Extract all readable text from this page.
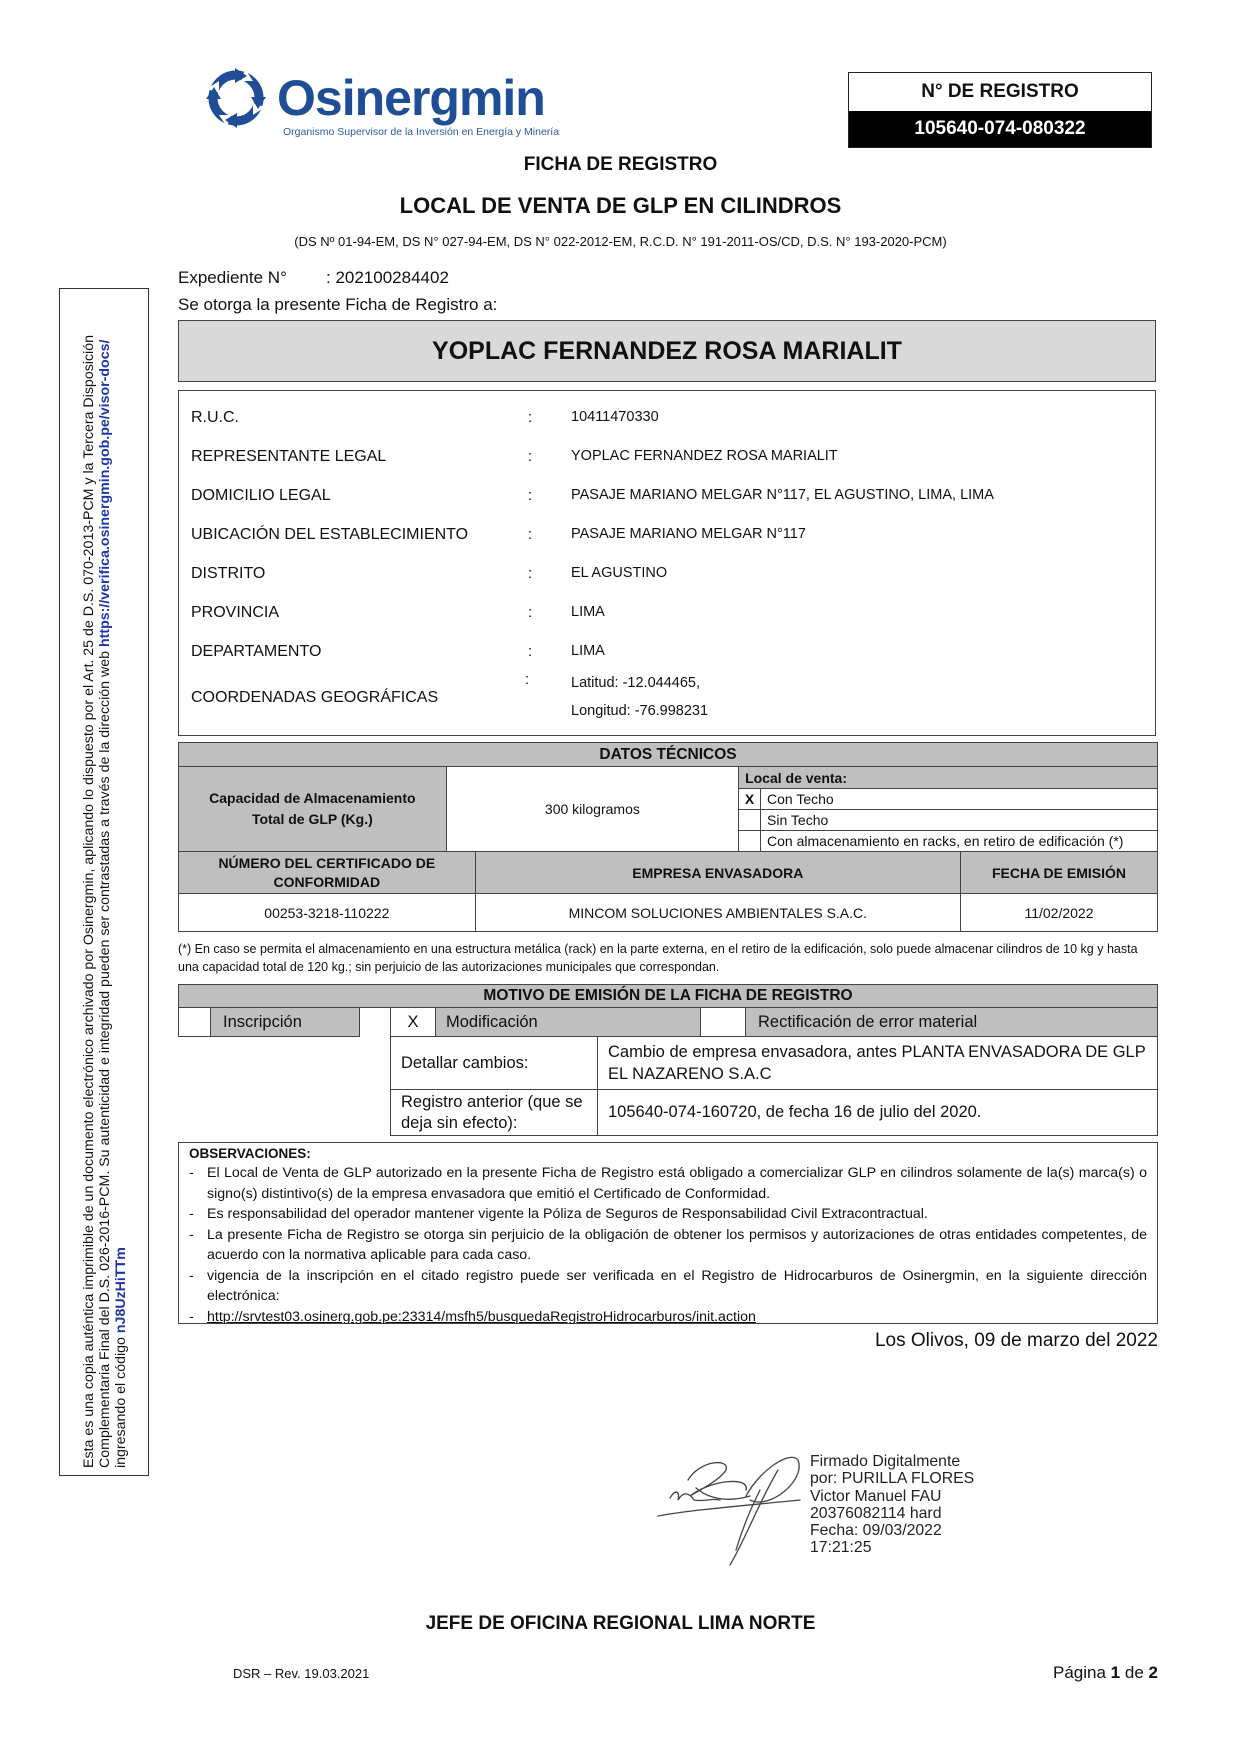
Osinergmin
Organismo Supervisor de la Inversión en Energía y Minería
N° DE REGISTRO
105640-074-080322
FICHA DE REGISTRO
LOCAL DE VENTA DE GLP EN CILINDROS
(DS Nº 01-94-EM, DS N° 027-94-EM, DS N° 022-2012-EM, R.C.D. N° 191-2011-OS/CD, D.S. N° 193-2020-PCM)
Expediente N° : 202100284402
Se otorga la presente Ficha de Registro a:
Esta es una copia auténtica imprimible de un documento electrónico archivado por Osinergmin, aplicando lo dispuesto por el Art. 25 de D.S. 070-2013-PCM y la Tercera Disposición Complementaria Final del D.S. 026-2016-PCM. Su autenticidad e integridad pueden ser contrastadas a través de la dirección web https://verifica.osinergmin.gob.pe/visor-docs/
ingresando el código nJ8UzHiTTm
YOPLAC FERNANDEZ ROSA MARIALIT
R.U.C.	:	10411470330
REPRESENTANTE LEGAL	:	YOPLAC FERNANDEZ ROSA MARIALIT
DOMICILIO LEGAL	:	PASAJE MARIANO MELGAR N°117, EL AGUSTINO, LIMA, LIMA
UBICACIÓN DEL ESTABLECIMIENTO	:	PASAJE MARIANO MELGAR N°117
DISTRITO	:	EL AGUSTINO
PROVINCIA	:	LIMA
DEPARTAMENTO	:	LIMA
COORDENADAS GEOGRÁFICAS
:	Latitud: -12.044465,
Longitud: -76.998231
DATOS TÉCNICOS					
Capacidad de Almacenamiento Total de GLP (Kg.)	300 kilogramos		Local de venta:		
			X	Con Techo	
				Sin Techo	
				Con almacenamiento en racks, en retiro de edificación (*)	
NÚMERO DEL CERTIFICADO DE CONFORMIDAD		EMPRESA ENVASADORA			FECHA DE EMISIÓN
00253-3218-110222		MINCOM SOLUCIONES AMBIENTALES S.A.C.			11/02/2022
(*) En caso se permita el almacenamiento en una estructura metálica (rack) en la parte externa, en el retiro de la edificación, solo puede almacenar cilindros de 10 kg y hasta una capacidad total de 120 kg.; sin perjuicio de las autorizaciones municipales que correspondan.
MOTIVO DE EMISIÓN DE LA FICHA DE REGISTRO
Inscripción	X	Modificación	Rectificación de error material
Detallar cambios:
Cambio de empresa envasadora, antes PLANTA ENVASADORA DE GLP EL NAZARENO S.A.C
Registro anterior (que se deja sin efecto):
105640-074-160720, de fecha 16 de julio del 2020.
OBSERVACIONES:
- El Local de Venta de GLP autorizado en la presente Ficha de Registro está obligado a comercializar GLP en cilindros solamente de la(s) marca(s) o signo(s) distintivo(s) de la empresa envasadora que emitió el Certificado de Conformidad.
- Es responsabilidad del operador mantener vigente la Póliza de Seguros de Responsabilidad Civil Extracontractual.
- La presente Ficha de Registro se otorga sin perjuicio de la obligación de obtener los permisos y autorizaciones de otras entidades competentes, de acuerdo con la normativa aplicable para cada caso.
- vigencia de la inscripción en el citado registro puede ser verificada en el Registro de Hidrocarburos de Osinergmin, en la siguiente dirección electrónica:
- http://srvtest03.osinerg.gob.pe:23314/msfh5/busquedaRegistroHidrocarburos/init.action
Los Olivos, 09 de marzo del 2022
Firmado Digitalmente
por: PURILLA FLORES
Victor Manuel FAU
20376082114 hard
Fecha: 09/03/2022
17:21:25
JEFE DE OFICINA REGIONAL LIMA NORTE
DSR – Rev. 19.03.2021	Página 1 de 2
